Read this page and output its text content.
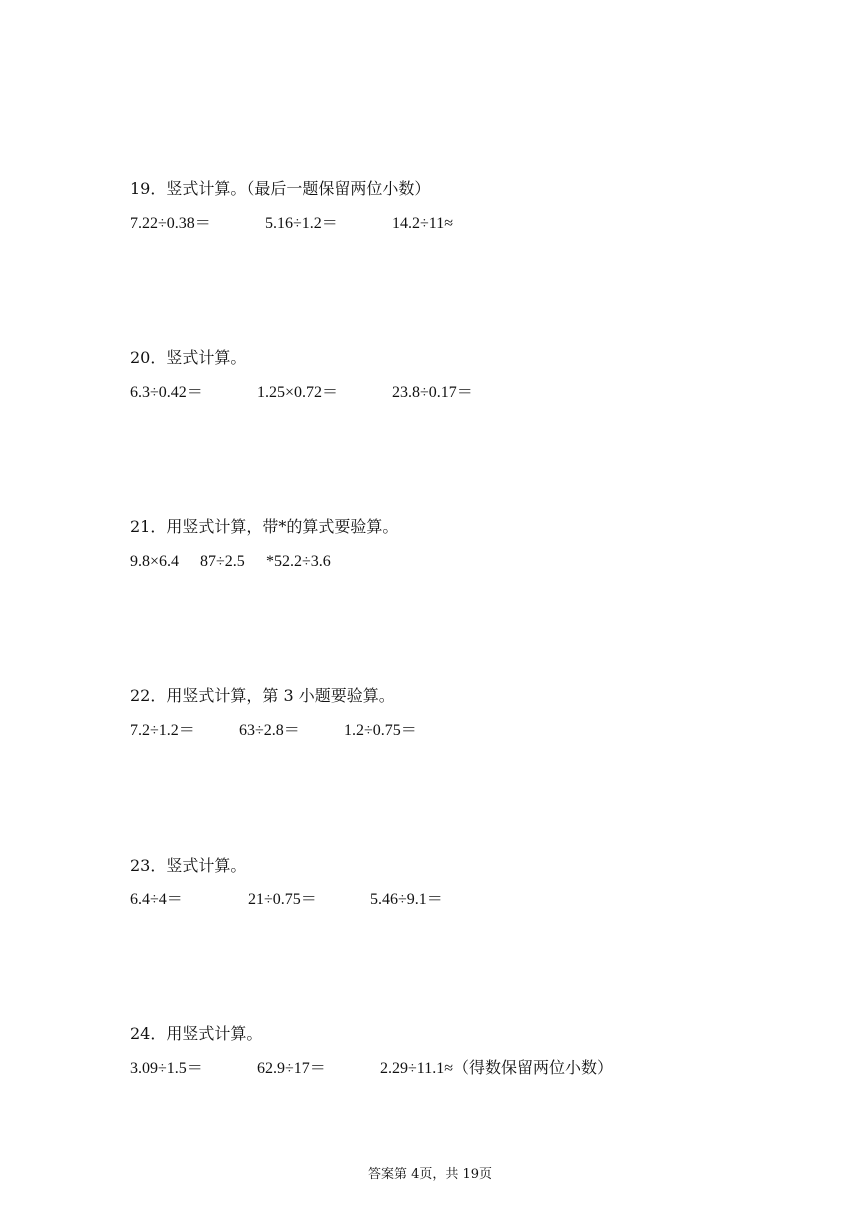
19．竖式计算。（最后一题保留两位小数）
7.22÷0.38＝	5.16÷1.2＝	14.2÷11≈
20．竖式计算。
6.3÷0.42＝	1.25×0.72＝	23.8÷0.17＝
21．用竖式计算，带*的算式要验算。
9.8×6.4 87÷2.5 *52.2÷3.6
22．用竖式计算，第 3 小题要验算。
7.2÷1.2＝	63÷2.8＝	1.2÷0.75＝
23．竖式计算。
6.4÷4＝	21÷0.75＝	5.46÷9.1＝
24．用竖式计算。
3.09÷1.5＝	62.9÷17＝	2.29÷11.1≈（得数保留两位小数）
答案第 4页，共 19页
